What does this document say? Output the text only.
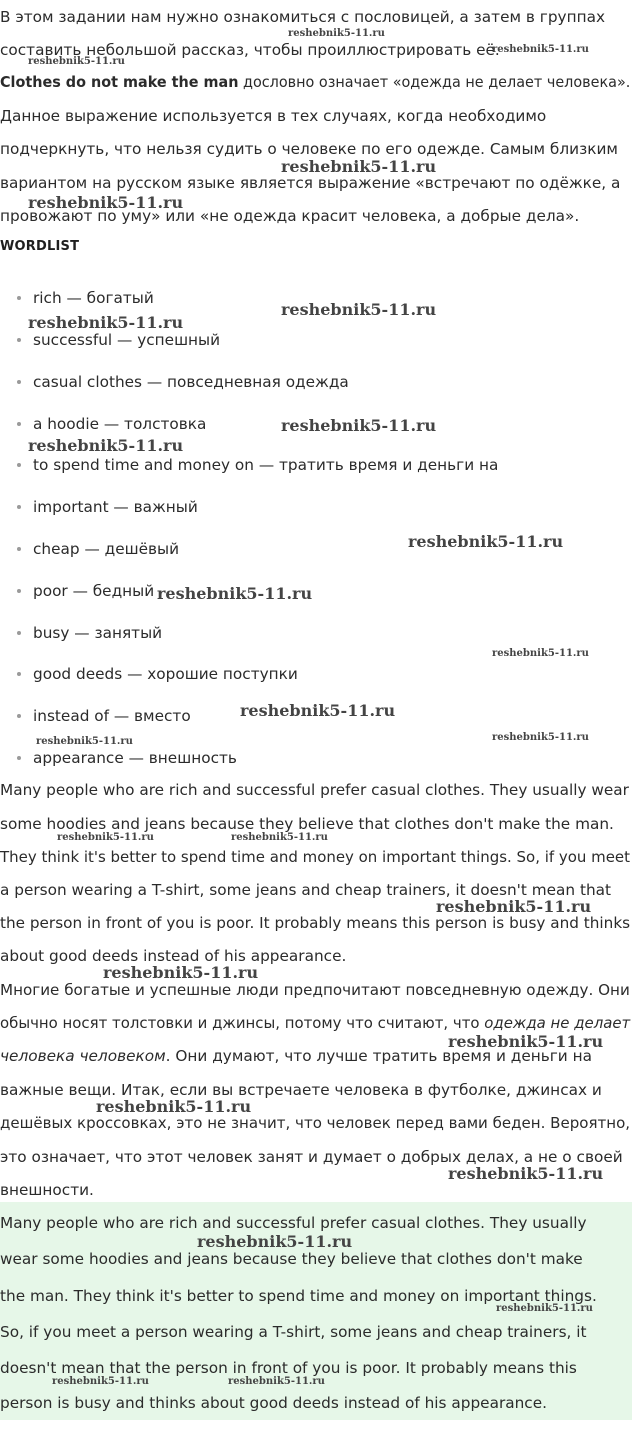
В этом задании нам нужно ознакомиться с пословицей, а затем в группах
составить небольшой рассказ, чтобы проиллюстрировать её.
Clothes do not make the man дословно означает «одежда не делает человека».
Данное выражение используется в тех случаях, когда необходимо
подчеркнуть, что нельзя судить о человеке по его одежде. Самым близким
вариантом на русском языке является выражение «встречают по одёжке, а
провожают по уму» или «не одежда красит человека, а добрые дела».
WORDLIST
rich — богатый
successful — успешный
casual clothes — повседневная одежда
a hoodie — толстовка
to spend time and money on — тратить время и деньги на
important — важный
cheap — дешёвый
poor — бедный
busy — занятый
good deeds — хорошие поступки
instead of — вместо
appearance — внешность
Many people who are rich and successful prefer casual clothes. They usually wear
some hoodies and jeans because they believe that clothes don't make the man.
They think it's better to spend time and money on important things. So, if you meet
a person wearing a T-shirt, some jeans and cheap trainers, it doesn't mean that
the person in front of you is poor. It probably means this person is busy and thinks
about good deeds instead of his appearance.
Многие богатые и успешные люди предпочитают повседневную одежду. Они
обычно носят толстовки и джинсы, потому что считают, что одежда не делает
человека человеком. Они думают, что лучше тратить время и деньги на
важные вещи. Итак, если вы встречаете человека в футболке, джинсах и
дешёвых кроссовках, это не значит, что человек перед вами беден. Вероятно,
это означает, что этот человек занят и думает о добрых делах, а не о своей
внешности.
Many people who are rich and successful prefer casual clothes. They usually
wear some hoodies and jeans because they believe that clothes don't make
the man. They think it's better to spend time and money on important things.
So, if you meet a person wearing a T-shirt, some jeans and cheap trainers, it
doesn't mean that the person in front of you is poor. It probably means this
person is busy and thinks about good deeds instead of his appearance.
reshebnik5-11.ru
reshebnik5-11.ru
reshebnik5-11.ru
reshebnik5-11.ru
reshebnik5-11.ru
reshebnik5-11.ru
reshebnik5-11.ru
reshebnik5-11.ru
reshebnik5-11.ru
reshebnik5-11.ru
reshebnik5-11.ru
reshebnik5-11.ru
reshebnik5-11.ru
reshebnik5-11.ru	reshebnik5-11.ru
reshebnik5-11.ru	reshebnik5-11.ru
reshebnik5-11.ru
reshebnik5-11.ru
reshebnik5-11.ru
reshebnik5-11.ru
reshebnik5-11.ru
reshebnik5-11.ru
reshebnik5-11.ru
reshebnik5-11.ru	reshebnik5-11.ru
